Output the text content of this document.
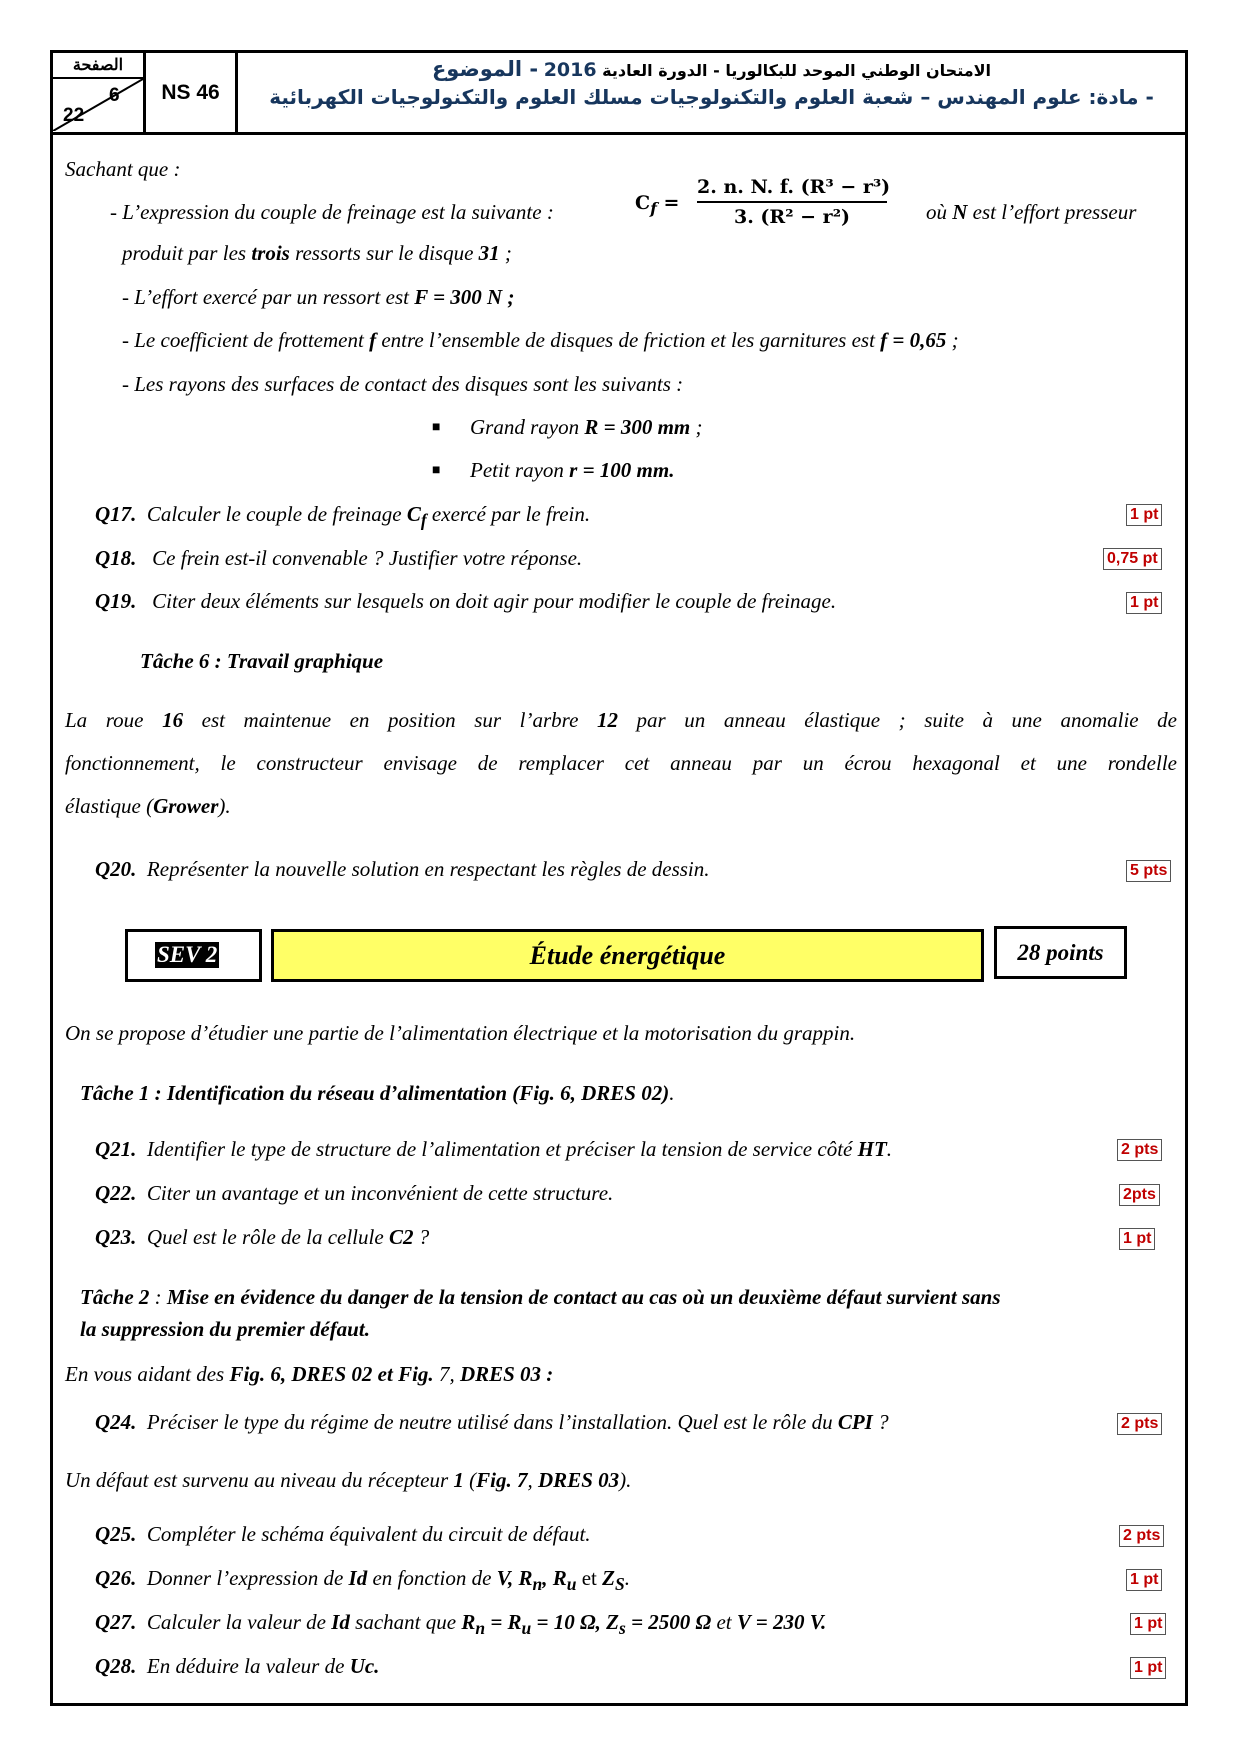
الصفحة
6
22
NS 46
الامتحان الوطني الموحد للبكالوريا - الدورة العادية 2016 - الموضوع
- مادة: علوم المهندس – شعبة العلوم والتكنولوجيات مسلك العلوم والتكنولوجيات الكهربائية
Sachant que :
- L’expression du couple de freinage est la suivante :	$C_f = \frac{\text{2. n. N. f. (R³ − r³)}}{\text{3. (R² − r²)}}$ où N est l’effort presseur
produit par les trois ressorts sur le disque 31 ;
- L’effort exercé par un ressort est F = 300 N ;
- Le coefficient de frottement f entre l’ensemble de disques de friction et les garnitures est f = 0,65 ;
- Les rayons des surfaces de contact des disques sont les suivants :
■ Grand rayon R = 300 mm ;
■ Petit rayon r = 100 mm.
Q17. Calculer le couple de freinage $C_f$ exercé par le frein.	1 pt
Q18. Ce frein est-il convenable ? Justifier votre réponse.	0,75 pt
Q19. Citer deux éléments sur lesquels on doit agir pour modifier le couple de freinage.	1 pt
Tâche 6 : Travail graphique
La roue 16 est maintenue en position sur l’arbre 12 par un anneau élastique ; suite à une anomalie de
fonctionnement, le constructeur envisage de remplacer cet anneau par un écrou hexagonal et une rondelle
élastique (Grower).
Q20. Représenter la nouvelle solution en respectant les règles de dessin.	5 pts
SEV 2	Étude énergétique	28 points
On se propose d’étudier une partie de l’alimentation électrique et la motorisation du grappin.
Tâche 1 : Identification du réseau d’alimentation (Fig. 6, DRES 02).
Q21. Identifier le type de structure de l’alimentation et préciser la tension de service côté HT.	2 pts
Q22. Citer un avantage et un inconvénient de cette structure.	2pts
Q23. Quel est le rôle de la cellule C2 ?	1 pt
Tâche 2 : Mise en évidence du danger de la tension de contact au cas où un deuxième défaut survient sans
la suppression du premier défaut.
En vous aidant des Fig. 6, DRES 02 et Fig. 7, DRES 03 :
Q24. Préciser le type du régime de neutre utilisé dans l’installation. Quel est le rôle du CPI ?	2 pts
Un défaut est survenu au niveau du récepteur 1 (Fig. 7, DRES 03).
Q25. Compléter le schéma équivalent du circuit de défaut.	2 pts
Q26. Donner l’expression de Id en fonction de V, $R_n$, $R_u$ et $Z_S$.	1 pt
Q27. Calculer la valeur de Id sachant que $R_n = R_u = 10$ Ω, $Z_s = 2500$ Ω et V = 230 V.	1 pt
Q28. En déduire la valeur de Uc.	1 pt
